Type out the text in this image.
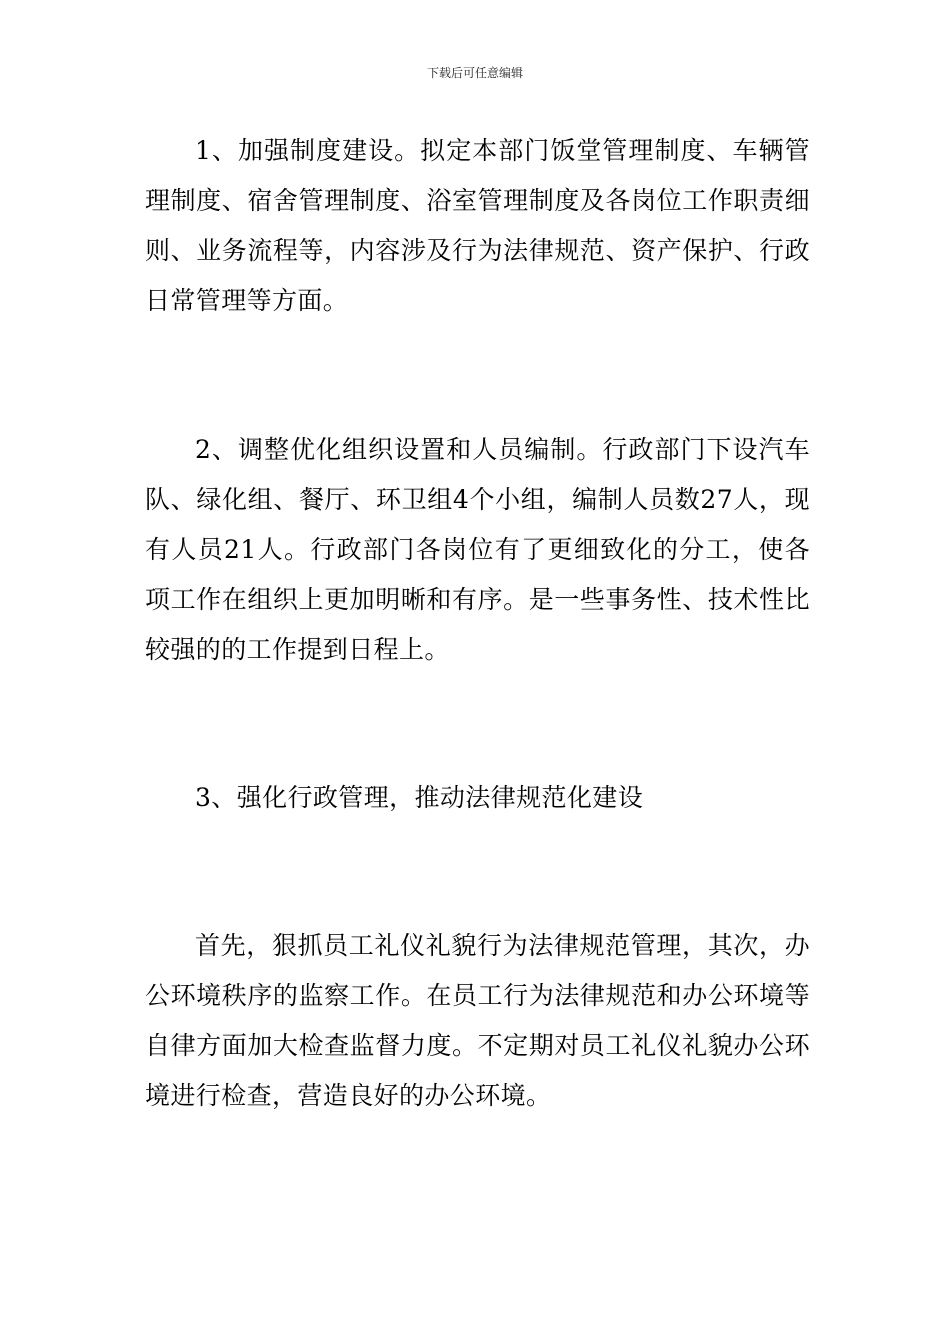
下载后可任意编辑

1、加强制度建设。拟定本部门饭堂管理制度、车辆管理制度、宿舍管理制度、浴室管理制度及各岗位工作职责细则、业务流程等，内容涉及行为法律规范、资产保护、行政日常管理等方面。

2、调整优化组织设置和人员编制。行政部门下设汽车队、绿化组、餐厅、环卫组4个小组，编制人员数27人，现有人员21人。行政部门各岗位有了更细致化的分工，使各项工作在组织上更加明晰和有序。是一些事务性、技术性比较强的的工作提到日程上。

3、强化行政管理，推动法律规范化建设

首先，狠抓员工礼仪礼貌行为法律规范管理，其次，办公环境秩序的监察工作。在员工行为法律规范和办公环境等自律方面加大检查监督力度。不定期对员工礼仪礼貌办公环境进行检查，营造良好的办公环境。
